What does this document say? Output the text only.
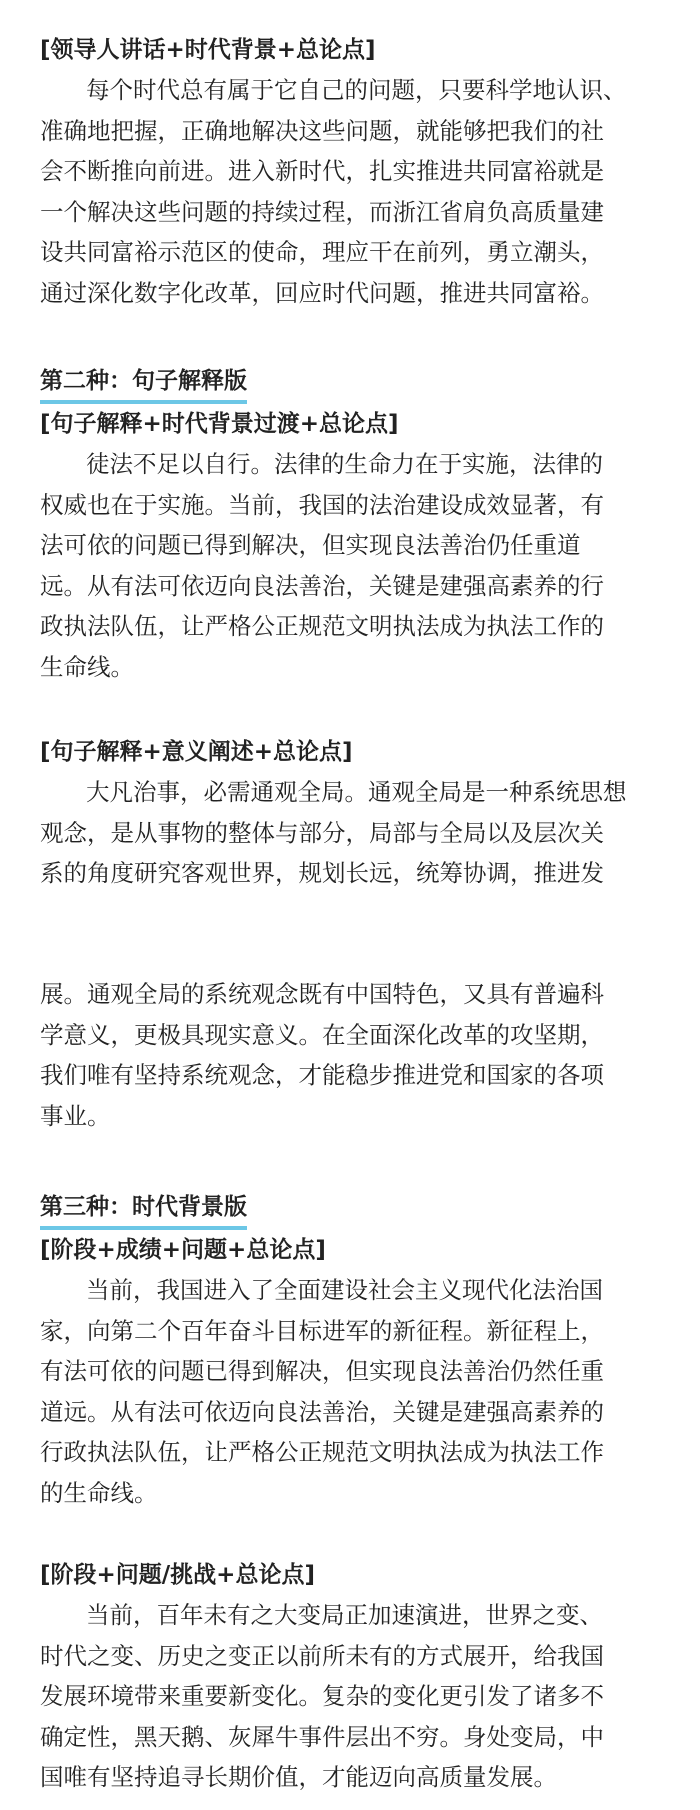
[领导人讲话+时代背景+总论点]
每个时代总有属于它自己的问题，只要科学地认识、
准确地把握，正确地解决这些问题，就能够把我们的社
会不断推向前进。进入新时代，扎实推进共同富裕就是
一个解决这些问题的持续过程，而浙江省肩负高质量建
设共同富裕示范区的使命，理应干在前列，勇立潮头，
通过深化数字化改革，回应时代问题，推进共同富裕。
第二种：句子解释版
[句子解释+时代背景过渡+总论点]
徒法不足以自行。法律的生命力在于实施，法律的
权威也在于实施。当前，我国的法治建设成效显著，有
法可依的问题已得到解决，但实现良法善治仍任重道
远。从有法可依迈向良法善治，关键是建强高素养的行
政执法队伍，让严格公正规范文明执法成为执法工作的
生命线。
[句子解释+意义阐述+总论点]
大凡治事，必需通观全局。通观全局是一种系统思想
观念，是从事物的整体与部分，局部与全局以及层次关
系的角度研究客观世界，规划长远，统筹协调，推进发
展。通观全局的系统观念既有中国特色，又具有普遍科
学意义，更极具现实意义。在全面深化改革的攻坚期，
我们唯有坚持系统观念，才能稳步推进党和国家的各项
事业。
第三种：时代背景版
[阶段+成绩+问题+总论点]
当前，我国进入了全面建设社会主义现代化法治国
家，向第二个百年奋斗目标进军的新征程。新征程上，
有法可依的问题已得到解决，但实现良法善治仍然任重
道远。从有法可依迈向良法善治，关键是建强高素养的
行政执法队伍，让严格公正规范文明执法成为执法工作
的生命线。
[阶段+问题/挑战+总论点]
当前，百年未有之大变局正加速演进，世界之变、
时代之变、历史之变正以前所未有的方式展开，给我国
发展环境带来重要新变化。复杂的变化更引发了诸多不
确定性，黑天鹅、灰犀牛事件层出不穷。身处变局，中
国唯有坚持追寻长期价值，才能迈向高质量发展。
